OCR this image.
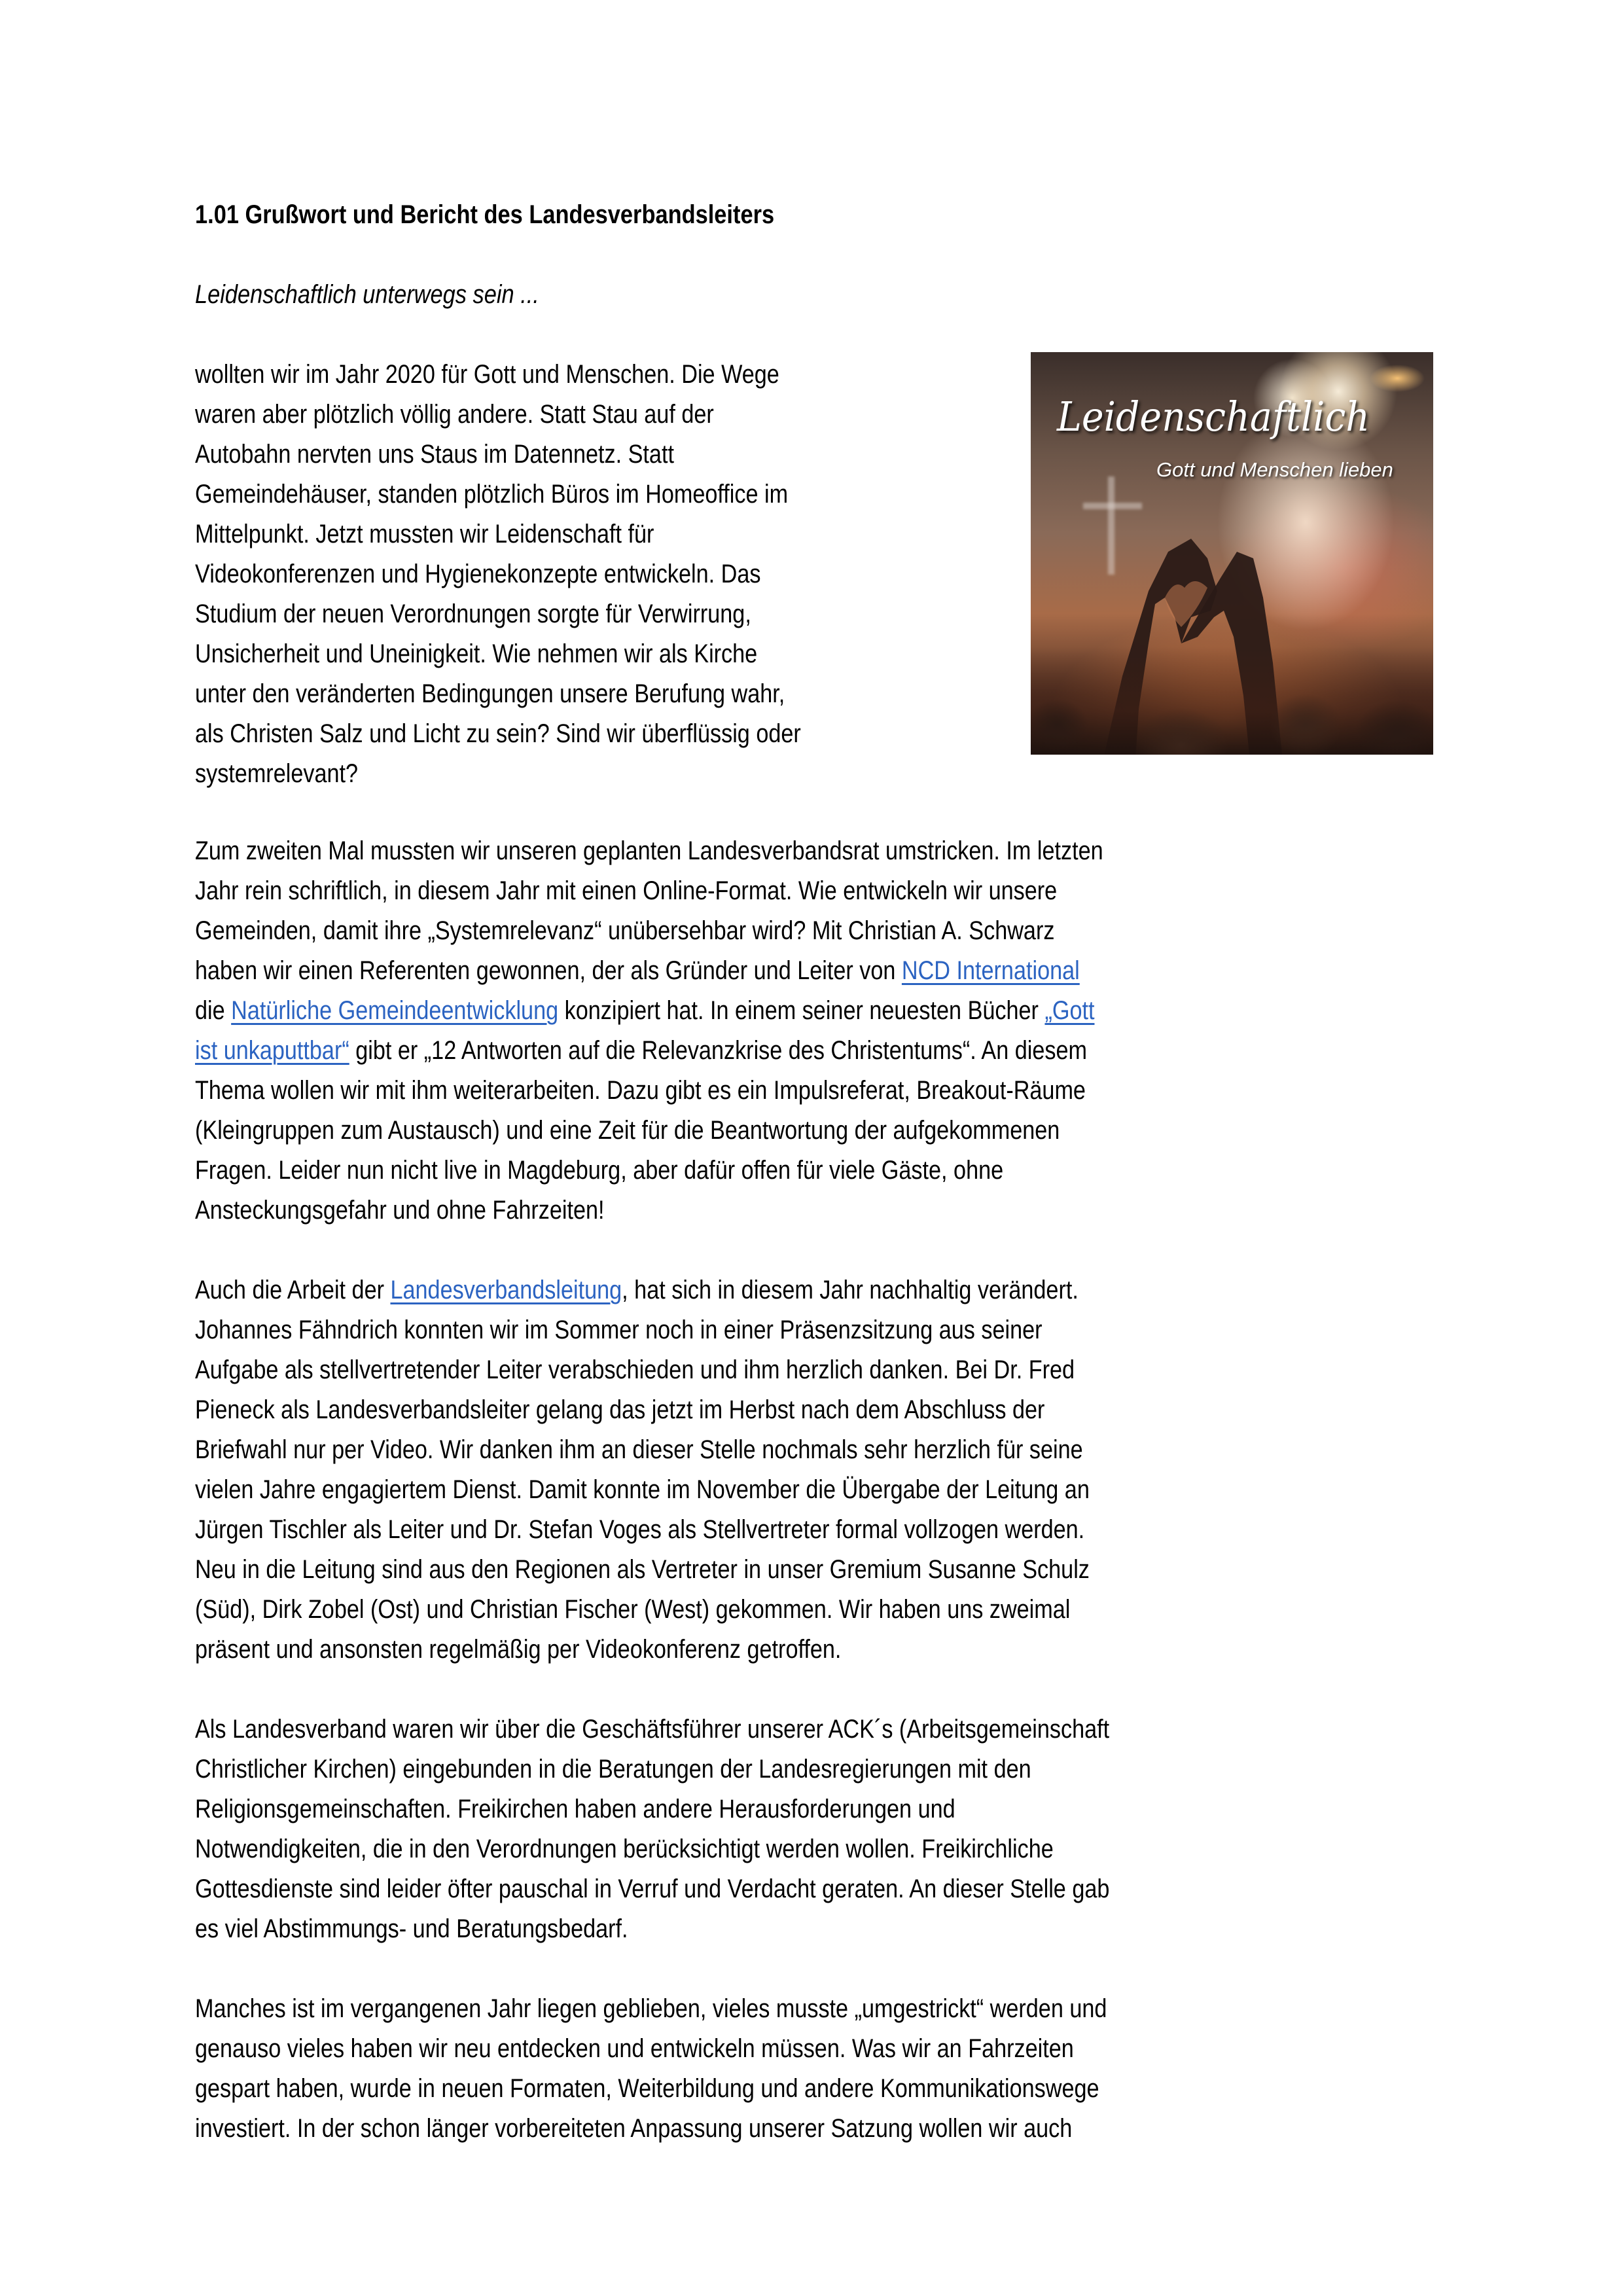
1.01 Grußwort und Bericht des Landesverbandsleiters
Leidenschaftlich unterwegs sein ...
Leidenschaftlich
Gott und Menschen lieben
wollten wir im Jahr 2020 für Gott und Menschen. Die Wege
waren aber plötzlich völlig andere. Statt Stau auf der
Autobahn nervten uns Staus im Datennetz. Statt
Gemeindehäuser, standen plötzlich Büros im Homeoffice im
Mittelpunkt. Jetzt mussten wir Leidenschaft für
Videokonferenzen und Hygienekonzepte entwickeln. Das
Studium der neuen Verordnungen sorgte für Verwirrung,
Unsicherheit und Uneinigkeit. Wie nehmen wir als Kirche
unter den veränderten Bedingungen unsere Berufung wahr,
als Christen Salz und Licht zu sein? Sind wir überflüssig oder
systemrelevant?
Zum zweiten Mal mussten wir unseren geplanten Landesverbandsrat umstricken. Im letzten
Jahr rein schriftlich, in diesem Jahr mit einen Online-Format. Wie entwickeln wir unsere
Gemeinden, damit ihre „Systemrelevanz“ unübersehbar wird? Mit Christian A. Schwarz
haben wir einen Referenten gewonnen, der als Gründer und Leiter von NCD International
die Natürliche Gemeindeentwicklung konzipiert hat. In einem seiner neuesten Bücher „Gott
ist unkaputtbar“ gibt er „12 Antworten auf die Relevanzkrise des Christentums“. An diesem
Thema wollen wir mit ihm weiterarbeiten. Dazu gibt es ein Impulsreferat, Breakout-Räume
(Kleingruppen zum Austausch) und eine Zeit für die Beantwortung der aufgekommenen
Fragen. Leider nun nicht live in Magdeburg, aber dafür offen für viele Gäste, ohne
Ansteckungsgefahr und ohne Fahrzeiten!
Auch die Arbeit der Landesverbandsleitung, hat sich in diesem Jahr nachhaltig verändert.
Johannes Fähndrich konnten wir im Sommer noch in einer Präsenzsitzung aus seiner
Aufgabe als stellvertretender Leiter verabschieden und ihm herzlich danken. Bei Dr. Fred
Pieneck als Landesverbandsleiter gelang das jetzt im Herbst nach dem Abschluss der
Briefwahl nur per Video. Wir danken ihm an dieser Stelle nochmals sehr herzlich für seine
vielen Jahre engagiertem Dienst. Damit konnte im November die Übergabe der Leitung an
Jürgen Tischler als Leiter und Dr. Stefan Voges als Stellvertreter formal vollzogen werden.
Neu in die Leitung sind aus den Regionen als Vertreter in unser Gremium Susanne Schulz
(Süd), Dirk Zobel (Ost) und Christian Fischer (West) gekommen. Wir haben uns zweimal
präsent und ansonsten regelmäßig per Videokonferenz getroffen.
Als Landesverband waren wir über die Geschäftsführer unserer ACK´s (Arbeitsgemeinschaft
Christlicher Kirchen) eingebunden in die Beratungen der Landesregierungen mit den
Religionsgemeinschaften. Freikirchen haben andere Herausforderungen und
Notwendigkeiten, die in den Verordnungen berücksichtigt werden wollen. Freikirchliche
Gottesdienste sind leider öfter pauschal in Verruf und Verdacht geraten. An dieser Stelle gab
es viel Abstimmungs- und Beratungsbedarf.
Manches ist im vergangenen Jahr liegen geblieben, vieles musste „umgestrickt“ werden und
genauso vieles haben wir neu entdecken und entwickeln müssen. Was wir an Fahrzeiten
gespart haben, wurde in neuen Formaten, Weiterbildung und andere Kommunikationswege
investiert. In der schon länger vorbereiteten Anpassung unserer Satzung wollen wir auch
